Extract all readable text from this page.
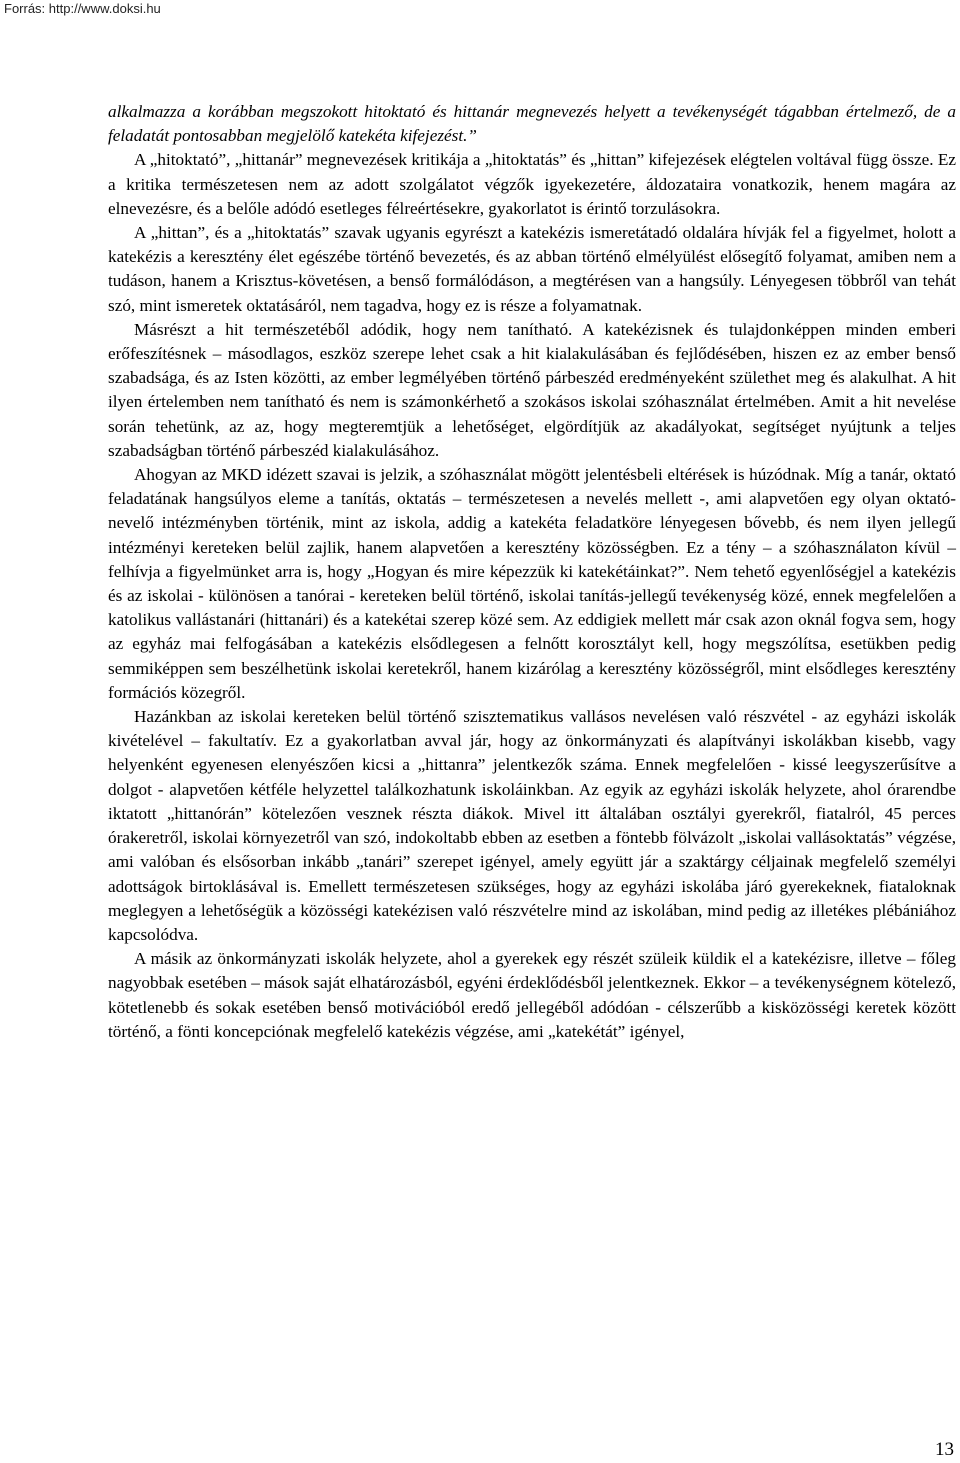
Forrás: http://www.doksi.hu

alkalmazza a korábban megszokott hitoktató és hittanár megnevezés helyett a tevékenységét tágabban értelmező, de a feladatát pontosabban megjelölő katekéta kifejezést.”

A „hitoktató”, „hittanár” megnevezések kritikája a „hitoktatás” és „hittan” kifejezések elégtelen voltával függ össze. Ez a kritika természetesen nem az adott szolgálatot végzők igyekezetére, áldozataira vonatkozik, henem magára az elnevezésre, és a belőle adódó esetleges félreértésekre, gyakorlatot is érintő torzulásokra.

A „hittan”, és a „hitoktatás” szavak ugyanis egyrészt a katekézis ismeretátadó oldalára hívják fel a figyelmet, holott a katekézis a keresztény élet egészébe történő bevezetés, és az abban történő elmélyülést elősegítő folyamat, amiben nem a tudáson, hanem a Krisztus-követésen, a benső formálódáson, a megtérésen van a hangsúly. Lényegesen többről van tehát szó, mint ismeretek oktatásáról, nem tagadva, hogy ez is része a folyamatnak.

Másrészt a hit természetéből adódik, hogy nem tanítható. A katekézisnek és tulajdonképpen minden emberi erőfeszítésnek – másodlagos, eszköz szerepe lehet csak a hit kialakulásában és fejlődésében, hiszen ez az ember benső szabadsága, és az Isten közötti, az ember legmélyében történő párbeszéd eredményeként születhet meg és alakulhat. A hit ilyen értelemben nem tanítható és nem is számonkérhető a szokásos iskolai szóhasználat értelmében. Amit a hit nevelése során tehetünk, az az, hogy megteremtjük a lehetőséget, elgördítjük az akadályokat, segítséget nyújtunk a teljes szabadságban történő párbeszéd kialakulásához.

Ahogyan az MKD idézett szavai is jelzik, a szóhasználat mögött jelentésbeli eltérések is húzódnak. Míg a tanár, oktató feladatának hangsúlyos eleme a tanítás, oktatás – természetesen a nevelés mellett -, ami alapvetően egy olyan oktató-nevelő intézményben történik, mint az iskola, addig a katekéta feladatköre lényegesen bővebb, és nem ilyen jellegű intézményi kereteken belül zajlik, hanem alapvetően a keresztény közösségben. Ez a tény – a szóhasználaton kívül – felhívja a figyelmünket arra is, hogy „Hogyan és mire képezzük ki katekétáinkat?”. Nem tehető egyenlőségjel a katekézis és az iskolai - különösen a tanórai - kereteken belül történő, iskolai tanítás-jellegű tevékenység közé, ennek megfelelően a katolikus vallástanári (hittanári) és a katekétai szerep közé sem. Az eddigiek mellett már csak azon oknál fogva sem, hogy az egyház mai felfogásában a katekézis elsődlegesen a felnőtt korosztályt kell, hogy megszólítsa, esetükben pedig semmiképpen sem beszélhetünk iskolai keretekről, hanem kizárólag a keresztény közösségről, mint elsődleges keresztény formációs közegről.

Hazánkban az iskolai kereteken belül történő szisztematikus vallásos nevelésen való részvétel - az egyházi iskolák kivételével – fakultatív. Ez a gyakorlatban avval jár, hogy az önkormányzati és alapítványi iskolákban kisebb, vagy helyenként egyenesen elenyészően kicsi a „hittanra” jelentkezők száma. Ennek megfelelően - kissé leegyszerűsítve a dolgot - alapvetően kétféle helyzettel találkozhatunk iskoláinkban. Az egyik az egyházi iskolák helyzete, ahol órarendbe iktatott „hittanórán” kötelezően vesznek részta diákok. Mivel itt általában osztályi gyerekről, fiatalról, 45 perces órakeretről, iskolai környezetről van szó, indokoltabb ebben az esetben a föntebb fölvázolt „iskolai vallásoktatás” végzése, ami valóban és elsősorban inkább „tanári” szerepet igényel, amely együtt jár a szaktárgy céljainak megfelelő személyi adottságok birtoklásával is. Emellett természetesen szükséges, hogy az egyházi iskolába járó gyerekeknek, fiataloknak meglegyen a lehetőségük a közösségi katekézisen való részvételre mind az iskolában, mind pedig az illetékes plébániához kapcsolódva.

A másik az önkormányzati iskolák helyzete, ahol a gyerekek egy részét szüleik küldik el a katekézisre, illetve – főleg nagyobbak esetében – mások saját elhatározásból, egyéni érdeklődésből jelentkeznek. Ekkor – a tevékenységnem kötelező, kötetlenebb és sokak esetében benső motivációból eredő jellegéből adódóan - célszerűbb a kisközösségi keretek között történő, a fönti koncepciónak megfelelő katekézis végzése, ami „katekétát” igényel,

13
